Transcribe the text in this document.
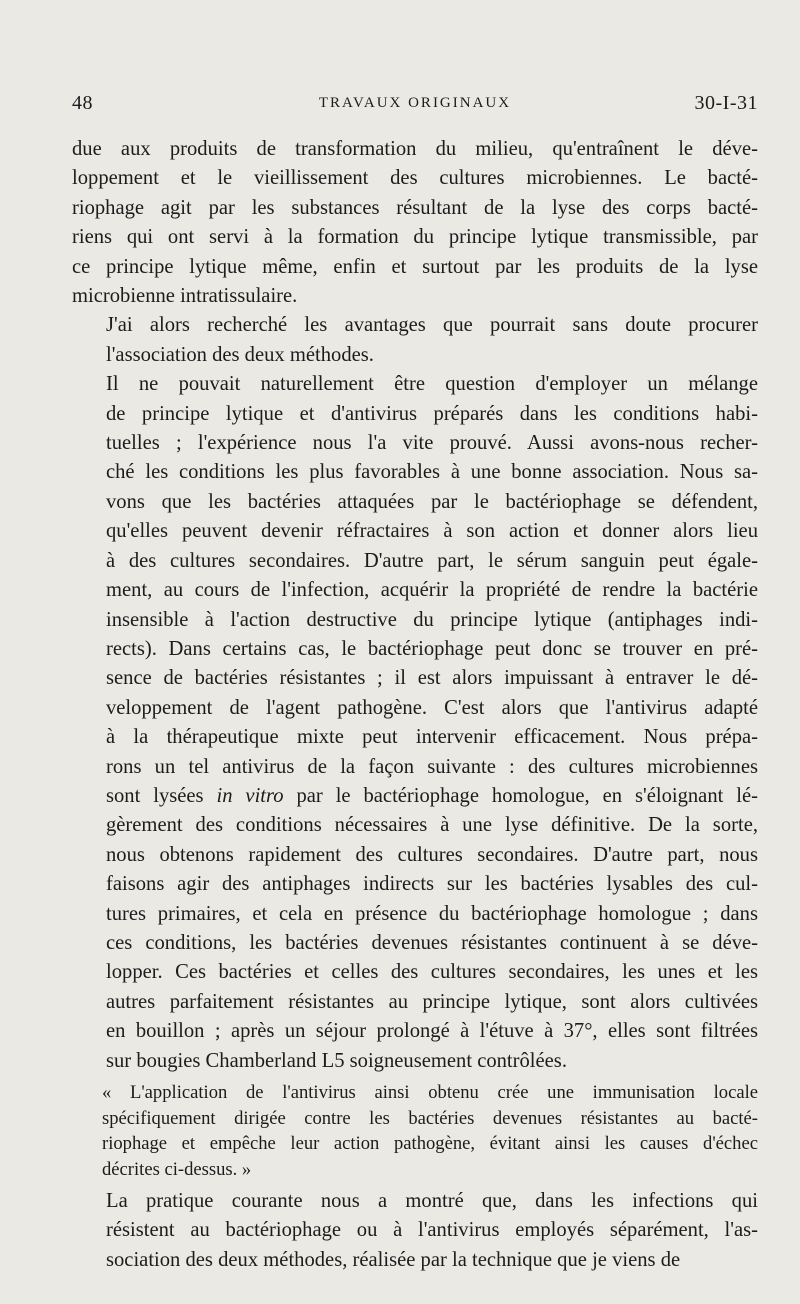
48	TRAVAUX ORIGINAUX	30-I-31

due aux produits de transformation du milieu, qu'entraînent le déve-
loppement et le vieillissement des cultures microbiennes. Le bacté-
riophage agit par les substances résultant de la lyse des corps bacté-
riens qui ont servi à la formation du principe lytique transmissible, par
ce principe lytique même, enfin et surtout par les produits de la lyse
microbienne intratissulaire.

J'ai alors recherché les avantages que pourrait sans doute procurer
l'association des deux méthodes.

Il ne pouvait naturellement être question d'employer un mélange
de principe lytique et d'antivirus préparés dans les conditions habi-
tuelles ; l'expérience nous l'a vite prouvé. Aussi avons-nous recher-
ché les conditions les plus favorables à une bonne association. Nous sa-
vons que les bactéries attaquées par le bactériophage se défendent,
qu'elles peuvent devenir réfractaires à son action et donner alors lieu
à des cultures secondaires. D'autre part, le sérum sanguin peut égale-
ment, au cours de l'infection, acquérir la propriété de rendre la bactérie
insensible à l'action destructive du principe lytique (antiphages indi-
rects). Dans certains cas, le bactériophage peut donc se trouver en pré-
sence de bactéries résistantes ; il est alors impuissant à entraver le dé-
veloppement de l'agent pathogène. C'est alors que l'antivirus adapté
à la thérapeutique mixte peut intervenir efficacement. Nous prépa-
rons un tel antivirus de la façon suivante : des cultures microbiennes
sont lysées in vitro par le bactériophage homologue, en s'éloignant lé-
gèrement des conditions nécessaires à une lyse définitive. De la sorte,
nous obtenons rapidement des cultures secondaires. D'autre part, nous
faisons agir des antiphages indirects sur les bactéries lysables des cul-
tures primaires, et cela en présence du bactériophage homologue ; dans
ces conditions, les bactéries devenues résistantes continuent à se déve-
lopper. Ces bactéries et celles des cultures secondaires, les unes et les
autres parfaitement résistantes au principe lytique, sont alors cultivées
en bouillon ; après un séjour prolongé à l'étuve à 37°, elles sont filtrées
sur bougies Chamberland L5 soigneusement contrôlées.

« L'application de l'antivirus ainsi obtenu crée une immunisation locale
spécifiquement dirigée contre les bactéries devenues résistantes au bacté-
riophage et empêche leur action pathogène, évitant ainsi les causes d'échec
décrites ci-dessus. »

La pratique courante nous a montré que, dans les infections qui
résistent au bactériophage ou à l'antivirus employés séparément, l'as-
sociation des deux méthodes, réalisée par la technique que je viens de
